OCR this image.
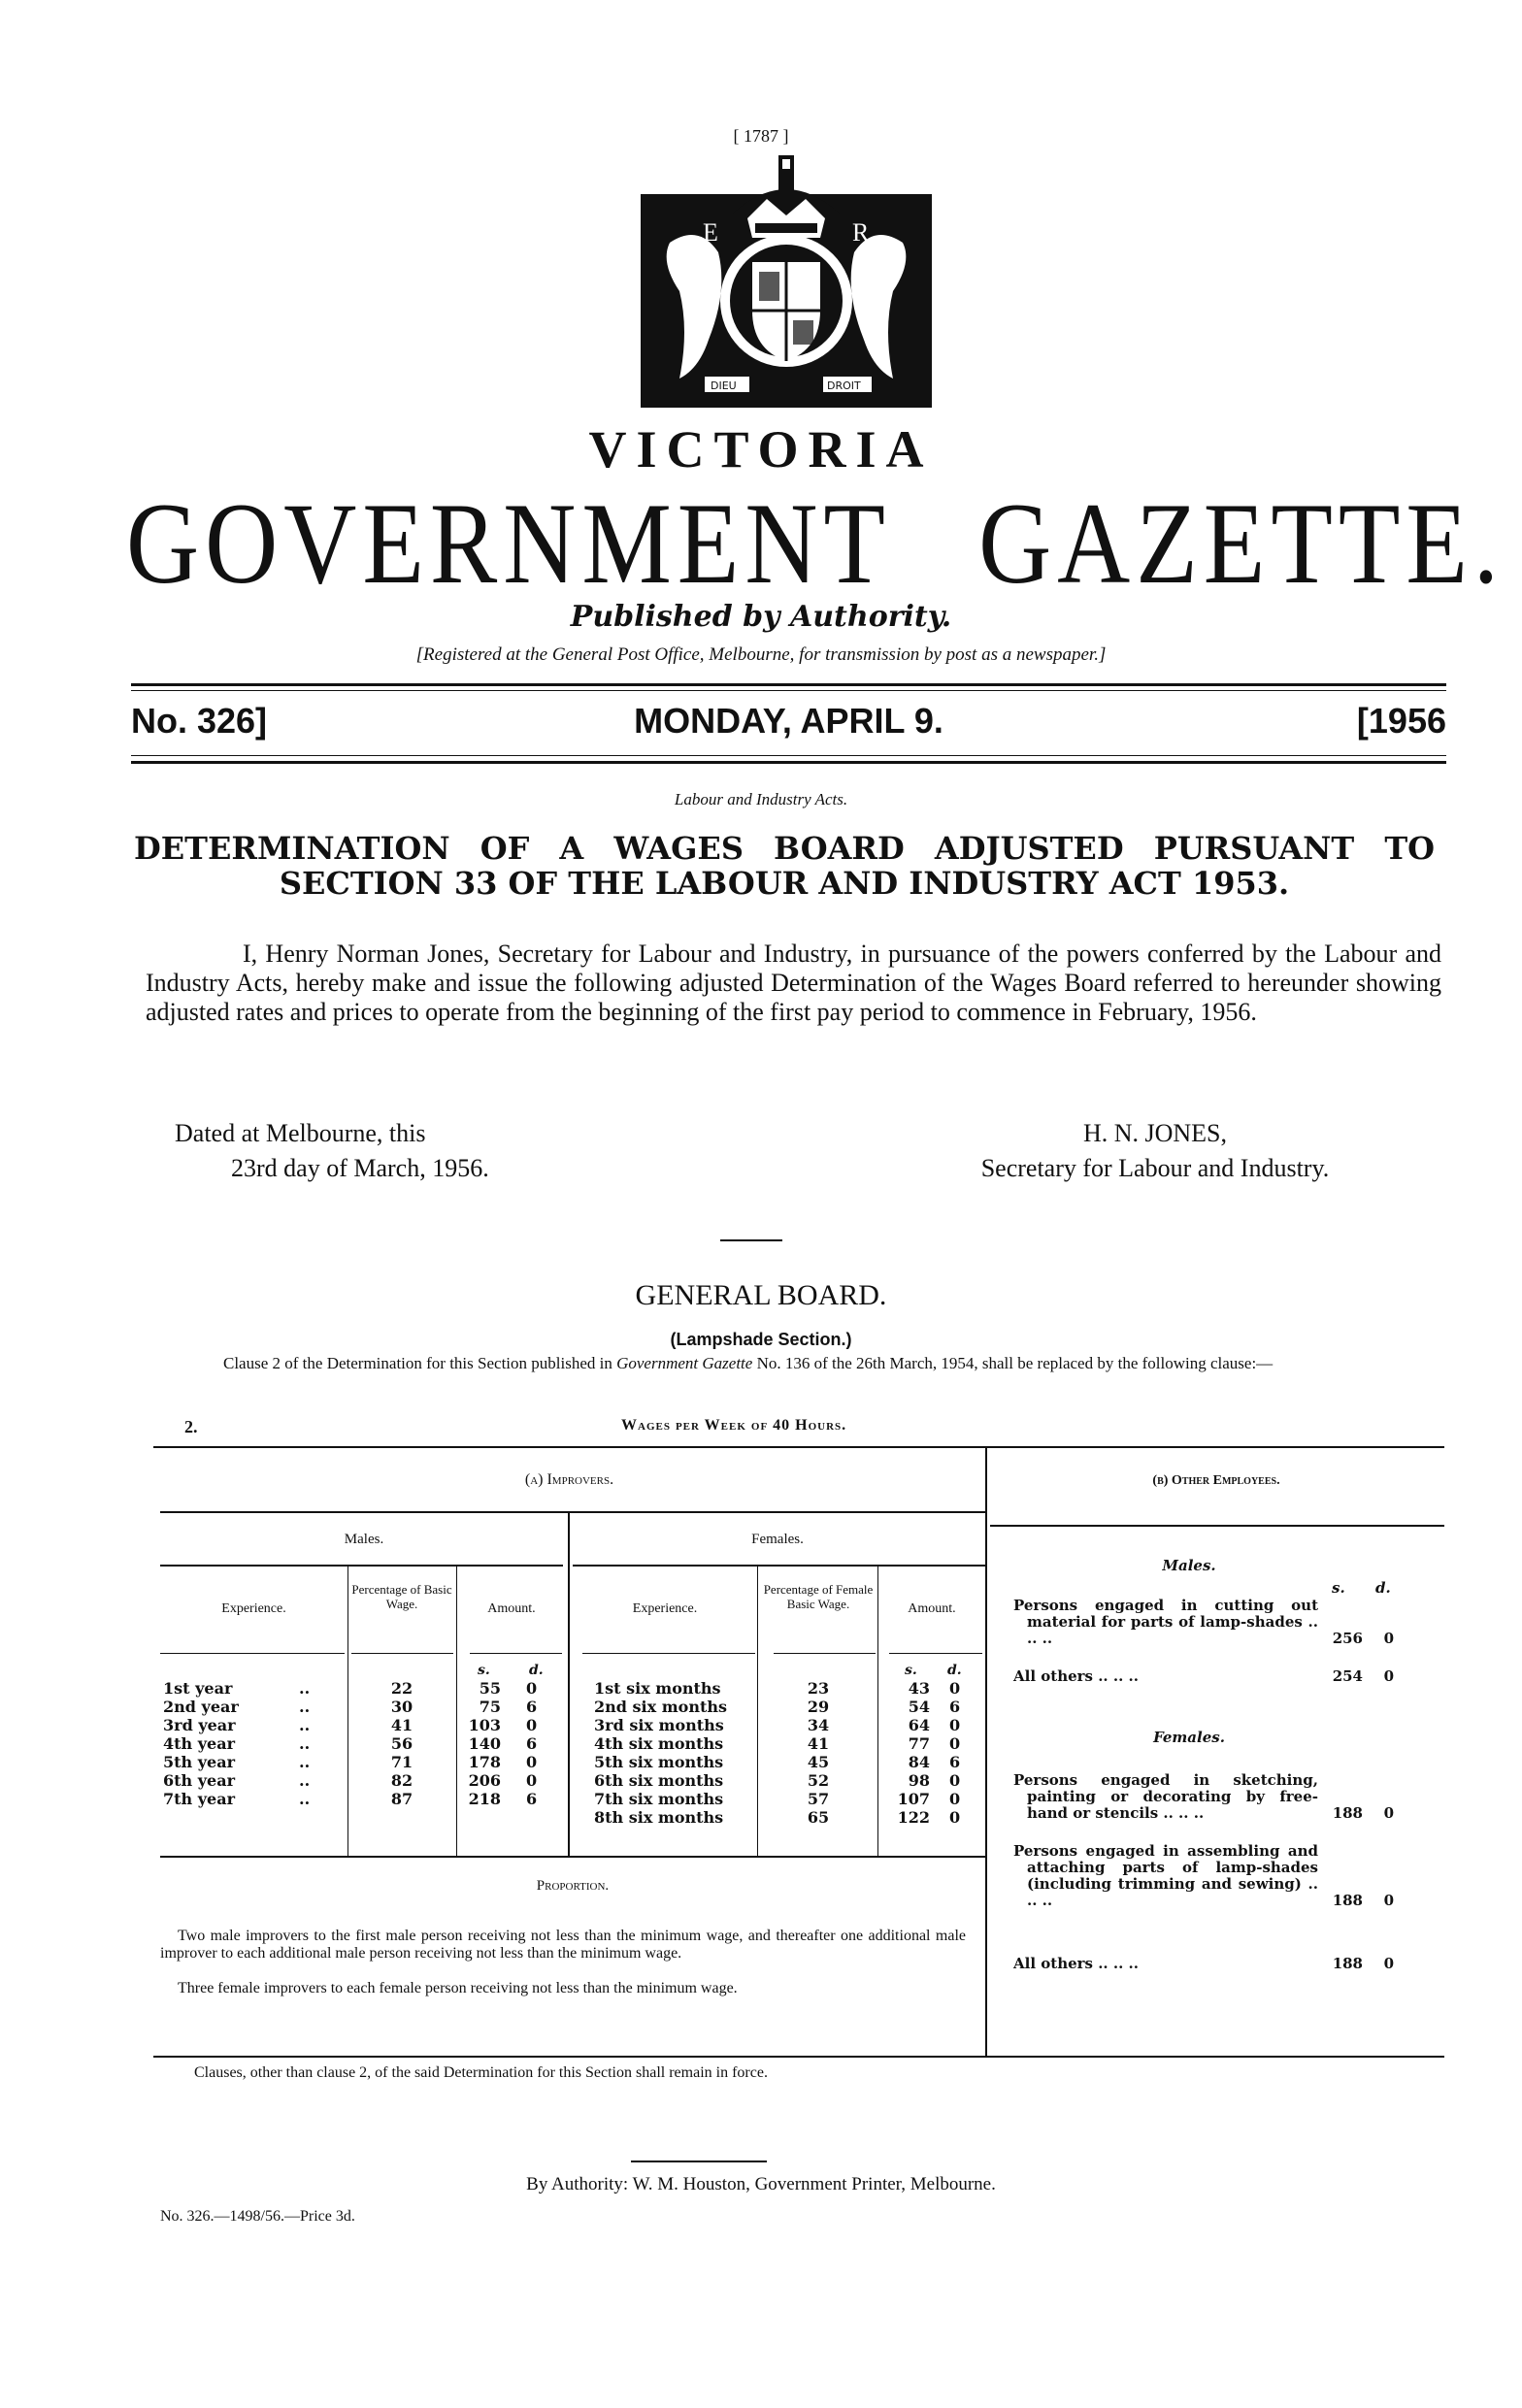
[ 1787 ]
E	R
DIEU	DROIT
VICTORIA
GOVERNMENT GAZETTE.
Published by Authority.
[Registered at the General Post Office, Melbourne, for transmission by post as a newspaper.]
No. 326]	MONDAY, APRIL 9.	[1956
Labour and Industry Acts.
DETERMINATION OF A WAGES BOARD ADJUSTED PURSUANT TO
SECTION 33 OF THE LABOUR AND INDUSTRY ACT 1953.
I, Henry Norman Jones, Secretary for Labour and Industry, in pursuance of the powers conferred by the Labour and Industry Acts, hereby make and issue the following adjusted Determination of the Wages Board referred to hereunder showing adjusted rates and prices to operate from the beginning of the first pay period to commence in February, 1956.
Dated at Melbourne, this
23rd day of March, 1956.
H. N. JONES,
Secretary for Labour and Industry.
GENERAL BOARD.
(Lampshade Section.)
Clause 2 of the Determination for this Section published in Government Gazette No. 136 of the 26th March, 1954, shall be replaced by the following clause:—
2.	Wages per Week of 40 Hours.
(a) Improvers.
Males.	Females.
Experience.
Percentage of Basic Wage.	Amount.	Experience.
Percentage of Female Basic Wage.	Amount.
s.	d.	s. d.
1st year	..	22	55 0
2nd year	..	30	75 6
3rd year	..	41	103 0
4th year	..	56	140 6
5th year	..	71	178 0
6th year	..	82	206 0
7th year	..	87	218 6
1st six months	23	43 0
2nd six months	29	54 6
3rd six months	34	64 0
4th six months	41	77 0
5th six months	45	84 6
6th six months	52	98 0
7th six months	57	107 0
8th six months	65	122 0
Proportion.
Two male improvers to the first male person receiving not less than the minimum wage, and thereafter one additional male improver to each additional male person receiving not less than the minimum wage.
Three female improvers to each female person receiving not less than the minimum wage.
(b) Other Employees.
Males.
s. d.
Persons engaged in cutting out material for parts of lamp-shades .. .. ..	256 0
All others .. .. ..	254 0
Females.
Persons engaged in sketching, painting or decorating by free-hand or stencils .. .. ..	188 0
Persons engaged in assembling and attaching parts of lamp-shades (including trimming and sewing) .. .. ..	188 0
All others .. .. ..	188 0
Clauses, other than clause 2, of the said Determination for this Section shall remain in force.
By Authority: W. M. Houston, Government Printer, Melbourne.
No. 326.—1498/56.—Price 3d.
